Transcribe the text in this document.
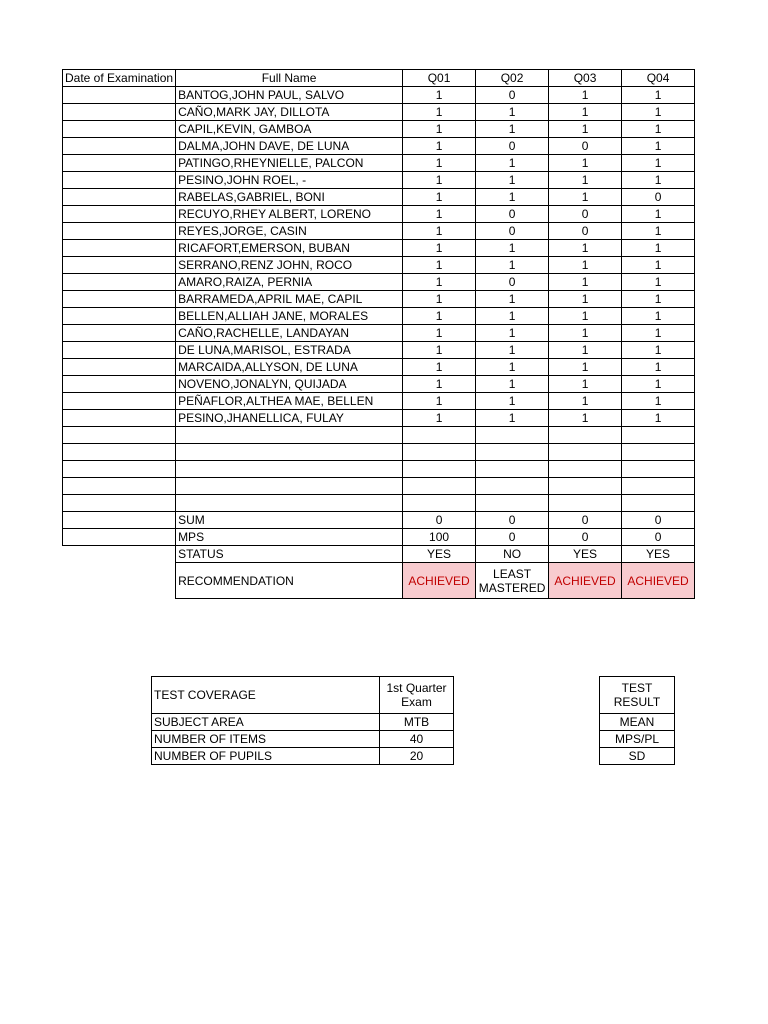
Date of Examination	Full Name	Q01	Q02	Q03	Q04
	BANTOG,JOHN PAUL, SALVO	1	0	1	1
	CAÑO,MARK JAY, DILLOTA	1	1	1	1
	CAPIL,KEVIN, GAMBOA	1	1	1	1
	DALMA,JOHN DAVE, DE LUNA	1	0	0	1
	PATINGO,RHEYNIELLE, PALCON	1	1	1	1
	PESINO,JOHN ROEL, -	1	1	1	1
	RABELAS,GABRIEL, BONI	1	1	1	0
	RECUYO,RHEY ALBERT, LORENO	1	0	0	1
	REYES,JORGE, CASIN	1	0	0	1
	RICAFORT,EMERSON, BUBAN	1	1	1	1
	SERRANO,RENZ JOHN, ROCO	1	1	1	1
	AMARO,RAIZA, PERNIA	1	0	1	1
	BARRAMEDA,APRIL MAE, CAPIL	1	1	1	1
	BELLEN,ALLIAH JANE, MORALES	1	1	1	1
	CAÑO,RACHELLE, LANDAYAN	1	1	1	1
	DE LUNA,MARISOL, ESTRADA	1	1	1	1
	MARCAIDA,ALLYSON, DE LUNA	1	1	1	1
	NOVENO,JONALYN, QUIJADA	1	1	1	1
	PEÑAFLOR,ALTHEA MAE, BELLEN	1	1	1	1
	PESINO,JHANELLICA, FULAY	1	1	1	1

	SUM	0	0	0	0
	MPS	100	0	0	0
	STATUS	YES	NO	YES	YES
	RECOMMENDATION	ACHIEVED	LEAST MASTERED	ACHIEVED	ACHIEVED
TEST COVERAGE	1st Quarter Exam
SUBJECT AREA	MTB
NUMBER OF ITEMS	40
NUMBER OF PUPILS	20
TEST RESULT
MEAN
MPS/PL
SD
